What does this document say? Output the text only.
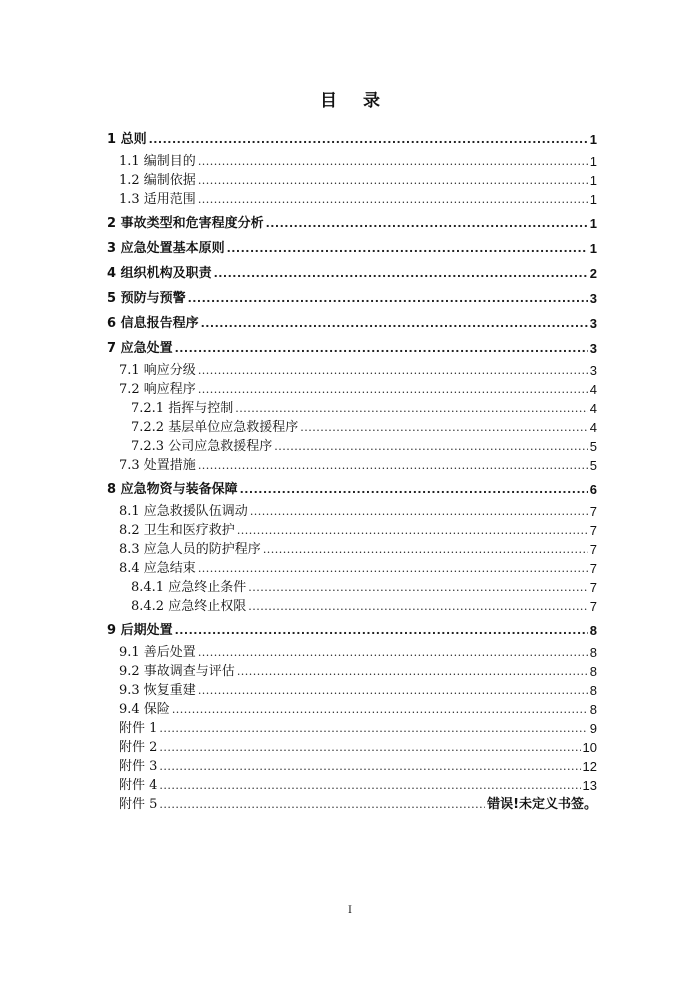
目 录
1 总则 .....	1
1.1 编制目的 .....	1
1.2 编制依据 .....	1
1.3 适用范围 .....	1
2 事故类型和危害程度分析 .....	1
3 应急处置基本原则 .....	1
4 组织机构及职责 .....	2
5 预防与预警 .....	3
6 信息报告程序 .....	3
7 应急处置 .....	3
7.1 响应分级 .....	3
7.2 响应程序 .....	4
7.2.1 指挥与控制 .....	4
7.2.2 基层单位应急救援程序 .....	4
7.2.3 公司应急救援程序 .....	5
7.3 处置措施 .....	5
8 应急物资与装备保障 .....	6
8.1 应急救援队伍调动 .....	7
8.2 卫生和医疗救护 .....	7
8.3 应急人员的防护程序 .....	7
8.4 应急结束 .....	7
8.4.1 应急终止条件 .....	7
8.4.2 应急终止权限 .....	7
9 后期处置 .....	8
9.1 善后处置 .....	8
9.2 事故调查与评估 .....	8
9.3 恢复重建 .....	8
9.4 保险 .....	8
附件 1 .....	9
附件 2 .....	10
附件 3 .....	12
附件 4 .....	13
附件 5 .....	错误!未定义书签。
I
